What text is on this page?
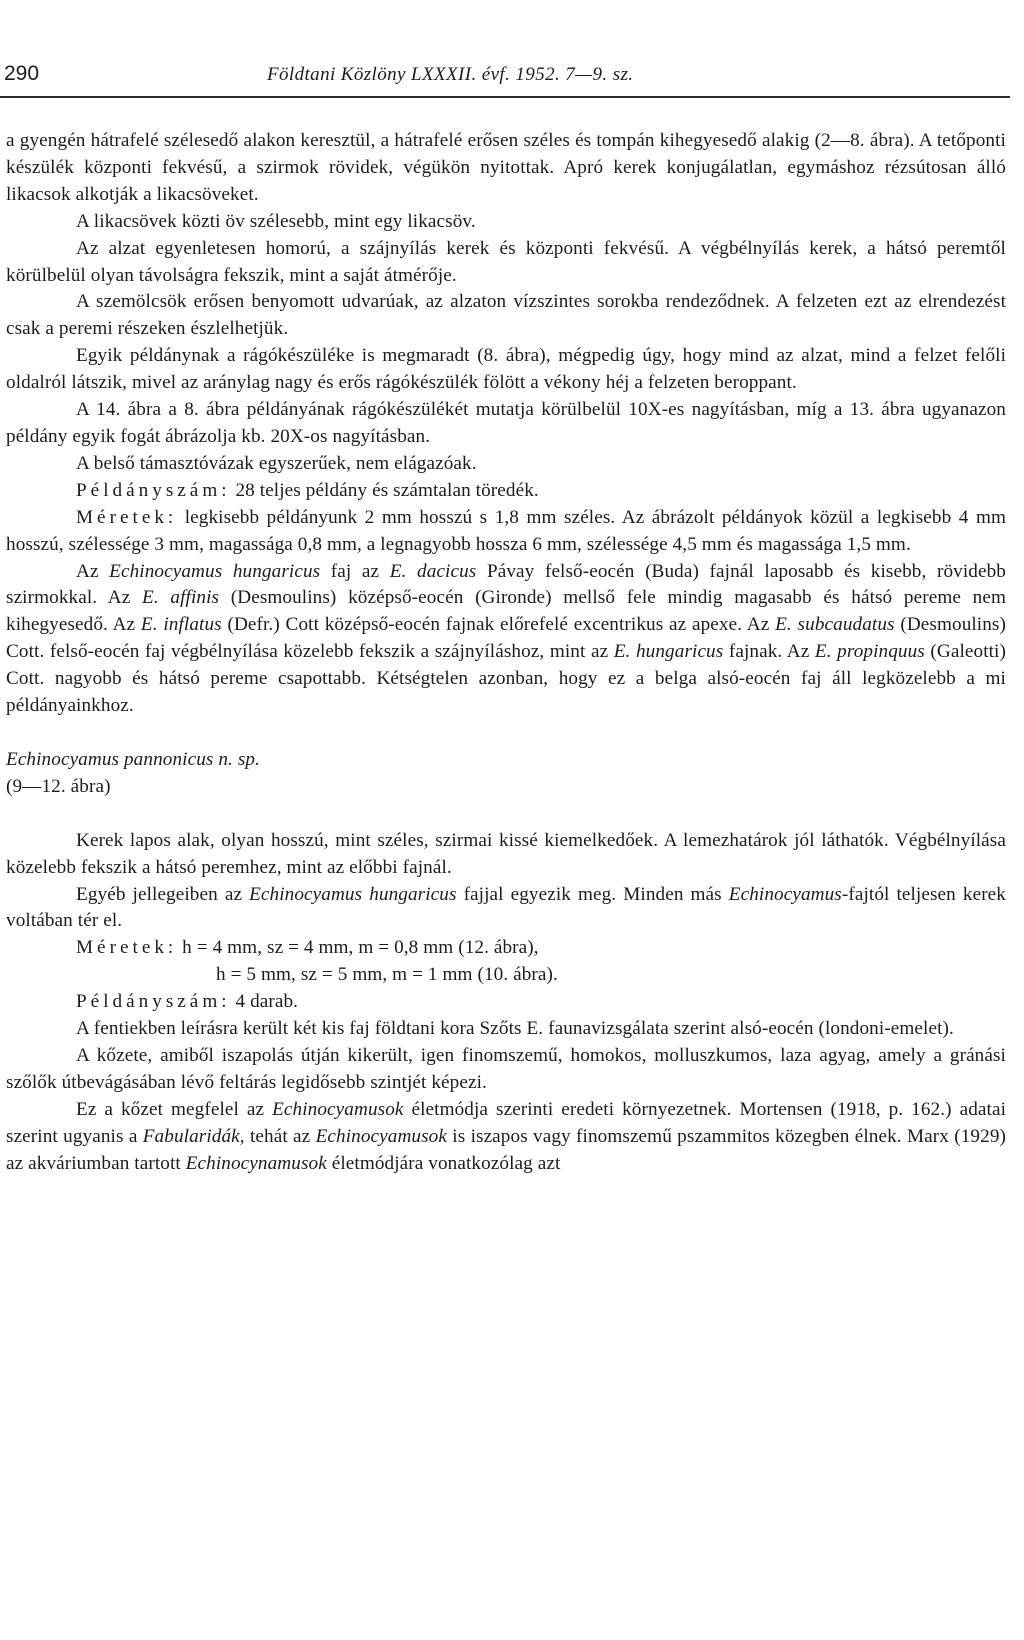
290	Földtani Közlöny LXXXII. évf. 1952. 7—9. sz.

a gyengén hátrafelé szélesedő alakon keresztül, a hátrafelé erősen széles és tompán kihegyesedő alakig (2—8. ábra). A tetőponti készülék központi fekvésű, a szirmok rövidek, végükön nyitottak. Apró kerek konjugálatlan, egymáshoz rézsútosan álló likacsok alkotják a likacsöveket.

A likacsövek közti öv szélesebb, mint egy likacsöv.

Az alzat egyenletesen homorú, a szájnyílás kerek és központi fekvésű. A végbélnyílás kerek, a hátsó peremtől körülbelül olyan távolságra fekszik, mint a saját átmérője.

A szemölcsök erősen benyomott udvarúak, az alzaton vízszintes sorokba rendeződnek. A felzeten ezt az elrendezést csak a peremi részeken észlelhetjük.

Egyik példánynak a rágókészüléke is megmaradt (8. ábra), mégpedig úgy, hogy mind az alzat, mind a felzet felőli oldalról látszik, mivel az aránylag nagy és erős rágókészülék fölött a vékony héj a felzeten beroppant.

A 14. ábra a 8. ábra példányának rágókészülékét mutatja körülbelül 10X-es nagyításban, míg a 13. ábra ugyanazon példány egyik fogát ábrázolja kb. 20X-os nagyításban.

A belső támasztóvázak egyszerűek, nem elágazóak.

Példányszám: 28 teljes példány és számtalan töredék.

Méretek: legkisebb példányunk 2 mm hosszú s 1,8 mm széles. Az ábrázolt példányok közül a legkisebb 4 mm hosszú, szélessége 3 mm, magassága 0,8 mm, a legnagyobb hossza 6 mm, szélessége 4,5 mm és magassága 1,5 mm.

Az Echinocyamus hungaricus faj az E. dacicus Pávay felső-eocén (Buda) fajnál laposabb és kisebb, rövidebb szirmokkal. Az E. affinis (Desmoulins) középső-eocén (Gironde) mellső fele mindig magasabb és hátsó pereme nem kihegyesedő. Az E. inflatus (Defr.) Cott középső-eocén fajnak előrefelé excentrikus az apexe. Az E. subcaudatus (Desmoulins) Cott. felső-eocén faj végbélnyílása közelebb fekszik a szájnyíláshoz, mint az E. hungaricus fajnak. Az E. propinquus (Galeotti) Cott. nagyobb és hátsó pereme csapottabb. Kétségtelen azonban, hogy ez a belga alsó-eocén faj áll legközelebb a mi példányainkhoz.

Echinocyamus pannonicus n. sp.

(9—12. ábra)

Kerek lapos alak, olyan hosszú, mint széles, szirmai kissé kiemelkedőek. A lemezhatárok jól láthatók. Végbélnyílása közelebb fekszik a hátsó peremhez, mint az előbbi fajnál.

Egyéb jellegeiben az Echinocyamus hungaricus fajjal egyezik meg. Minden más Echinocyamus-fajtól teljesen kerek voltában tér el.

Méretek: h = 4 mm, sz = 4 mm, m = 0,8 mm (12. ábra),

h = 5 mm, sz = 5 mm, m = 1 mm (10. ábra).

Példányszám: 4 darab.

A fentiekben leírásra került két kis faj földtani kora Szőts E. faunavizsgálata szerint alsó-eocén (londoni-emelet).

A kőzete, amiből iszapolás útján kikerült, igen finomszemű, homokos, molluszkumos, laza agyag, amely a gránási szőlők útbevágásában lévő feltárás legidősebb szintjét képezi.

Ez a kőzet megfelel az Echinocyamusok életmódja szerinti eredeti környezetnek. Mortensen (1918, p. 162.) adatai szerint ugyanis a Fabularidák, tehát az Echinocyamusok is iszapos vagy finomszemű pszammitos közegben élnek. Marx (1929) az akváriumban tartott Echinocynamusok életmódjára vonatkozólag azt
